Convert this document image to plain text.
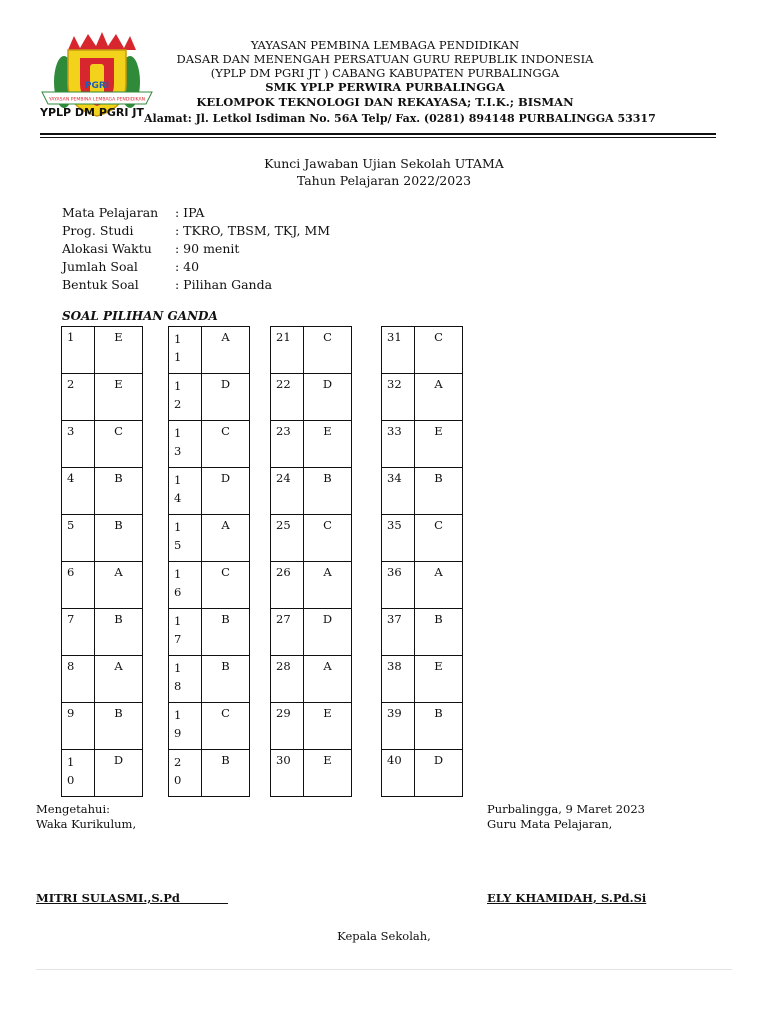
PGRI
YAYASAN PEMBINA LEMBAGA PENDIDIKAN
YPLP DM PGRI JT
YAYASAN PEMBINA LEMBAGA PENDIDIKAN
DASAR DAN MENENGAH PERSATUAN GURU REPUBLIK INDONESIA
(YPLP DM PGRI JT ) CABANG KABUPATEN PURBALINGGA
SMK YPLP PERWIRA PURBALINGGA
KELOMPOK TEKNOLOGI DAN REKAYASA; T.I.K.; BISMAN
Alamat: Jl. Letkol Isdiman No. 56A Telp/ Fax. (0281) 894148 PURBALINGGA 53317
Kunci Jawaban Ujian Sekolah UTAMA
Tahun Pelajaran 2022/2023
Mata Pelajaran : IPA
Prog. Studi	: TKRO, TBSM, TKJ, MM
Alokasi Waktu : 90 menit
Jumlah Soal	: 40
Bentuk Soal	: Pilihan Ganda
SOAL PILIHAN GANDA
1	E
2	E
3	C
4	B
5	B
6	A
7	B
8	A
9	B

1
0	D
1
1	A

1
2	D

1
3	C

1
4	D

1
5	A

1
6	C

1
7	B

1
8	B

1
9	C

2
0	B
21	C
22	D
23	E
24	B
25	C
26	A
27	D
28	A
29	E
30	E
31	C
32	A
33	E
34	B
35	C
36	A
37	B
38	E
39	B
40	D
Mengetahui:
Waka Kurikulum,
MITRI SULASMI.,S.Pd
Purbalingga, 9 Maret 2023
Guru Mata Pelajaran,
ELY KHAMIDAH, S.Pd.Si
Kepala Sekolah,
